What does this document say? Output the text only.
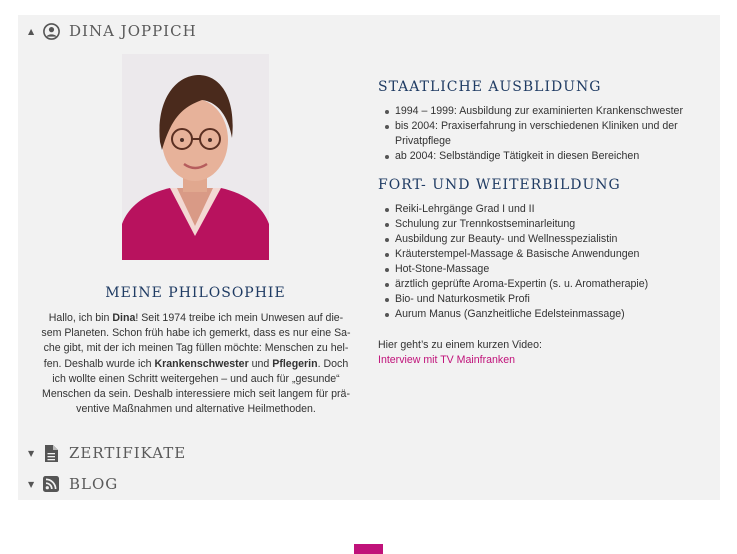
▲	DINA JOPPICH
MEINE PHILOSOPHIE
Hallo, ich bin Dina! Seit 1974 treibe ich mein Unwesen auf die-
sem Planeten. Schon früh habe ich gemerkt, dass es nur eine Sa-
che gibt, mit der ich meinen Tag füllen möchte: Menschen zu hel-
fen. Deshalb wurde ich Krankenschwester und Pflegerin. Doch
ich wollte einen Schritt weitergehen – und auch für „gesunde“
Menschen da sein. Deshalb interessiere mich seit langem für prä-
ventive Maßnahmen und alternative Heilmethoden.
STAATLICHE AUSBLIDUNG
1994 – 1999: Ausbildung zur examinierten Krankenschwester
bis 2004: Praxiserfahrung in verschiedenen Kliniken und der Privatpflege
ab 2004: Selbständige Tätigkeit in diesen Bereichen
FORT- UND WEITERBILDUNG
Reiki-Lehrgänge Grad I und II
Schulung zur Trennkostseminarleitung
Ausbildung zur Beauty- und Wellnesspezialistin
Kräuterstempel-Massage & Basische Anwendungen
Hot-Stone-Massage
ärztlich geprüfte Aroma-Expertin (s. u. Aromatherapie)
Bio- und Naturkosmetik Profi
Aurum Manus (Ganzheitliche Edelsteinmassage)
Hier geht’s zu einem kurzen Video:
Interview mit TV Mainfranken
▼	ZERTIFIKATE
▼	BLOG
